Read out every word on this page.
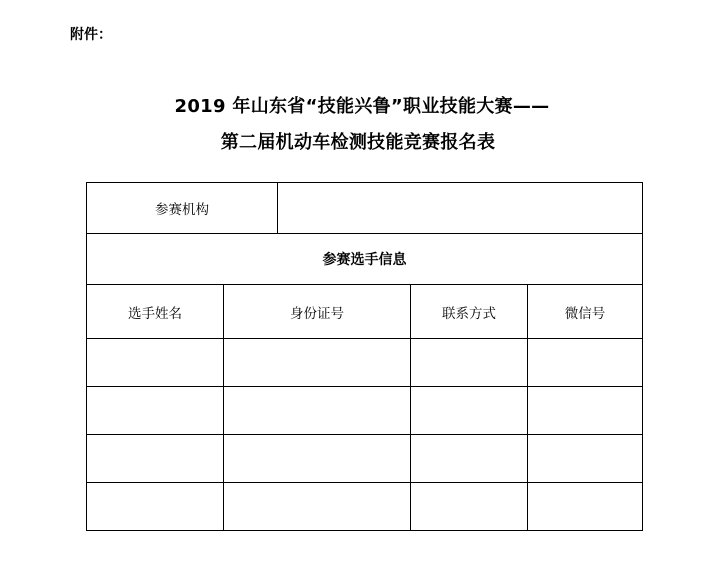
附件：
2019 年山东省“技能兴鲁”职业技能大赛——
第二届机动车检测技能竞赛报名表
参赛机构				
参赛选手信息				
选手姓名	身份证号		联系方式	微信号
